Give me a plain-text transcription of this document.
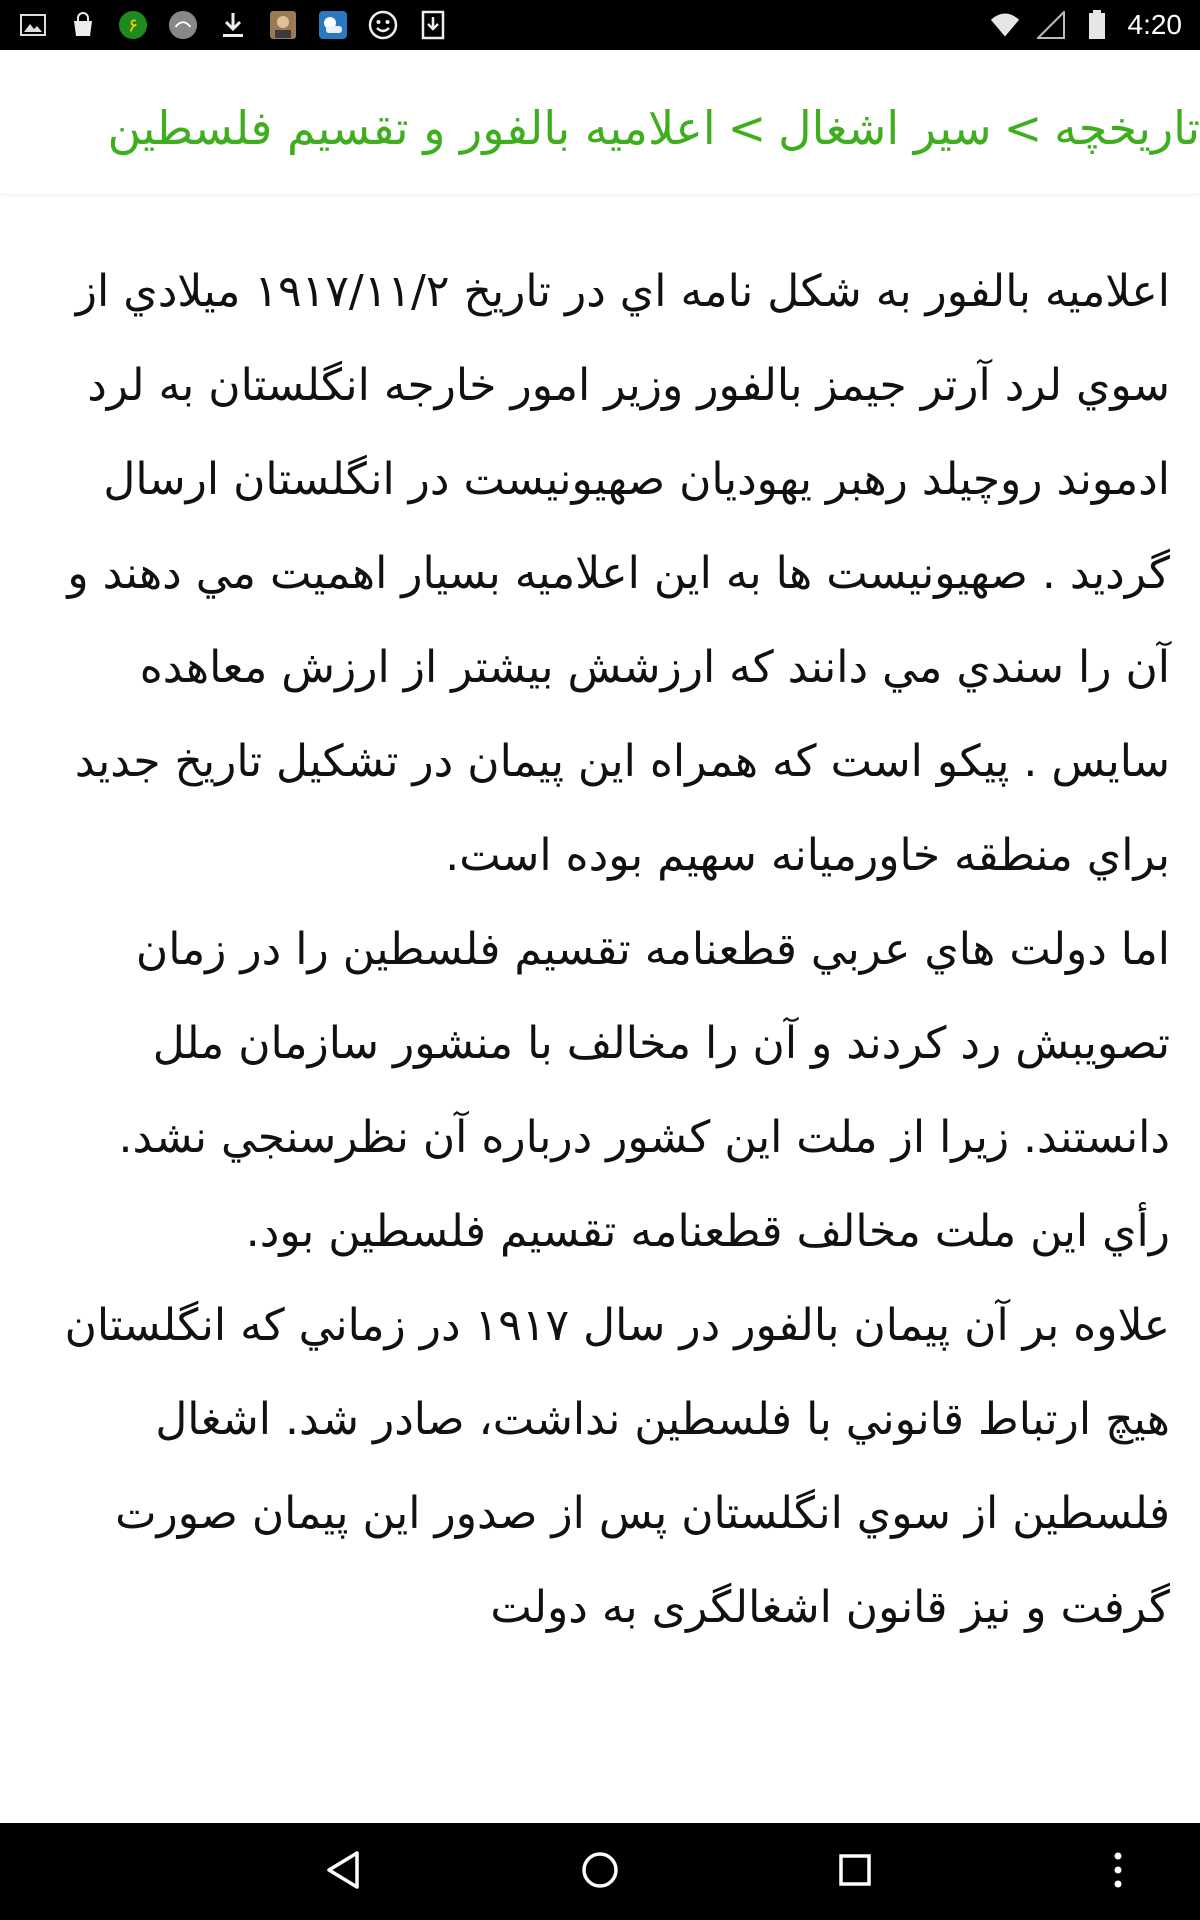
۶	4:20
تاریخچه>سیر اشغال>اعلامیه بالفور و تقسیم فلسطین

اعلاميه بالفور به شكل نامه اي در تاريخ ۱۹۱۷/۱۱/۲ ميلادي از سوي لرد آرتر جيمز بالفور وزير امور خارجه انگلستان به لرد ادموند روچيلد رهبر يهوديان صهيونيست در انگلستان ارسال گرديد . صهيونيست ها به اين اعلاميه بسيار اهميت مي دهند و آن را سندي مي دانند كه ارزشش بيشتر از ارزش معاهده سايس . پيكو است كه همراه اين پيمان در تشكيل تاريخ جديد براي منطقه خاورميانه سهيم بوده است.

اما دولت هاي عربي قطعنامه تقسيم فلسطين را در زمان تصويبش رد كردند و آن را مخالف با منشور سازمان ملل دانستند. زيرا از ملت اين كشور درباره آن نظرسنجي نشد.

رأي اين ملت مخالف قطعنامه تقسيم فلسطين بود.

علاوه بر آن پيمان بالفور در سال ۱۹۱۷ در زماني كه انگلستان هيچ ارتباط قانوني با فلسطين نداشت، صادر شد. اشغال فلسطين از سوي انگلستان پس از صدور اين پيمان صورت گرفت و نيز قانون اشغالگری به دولت
